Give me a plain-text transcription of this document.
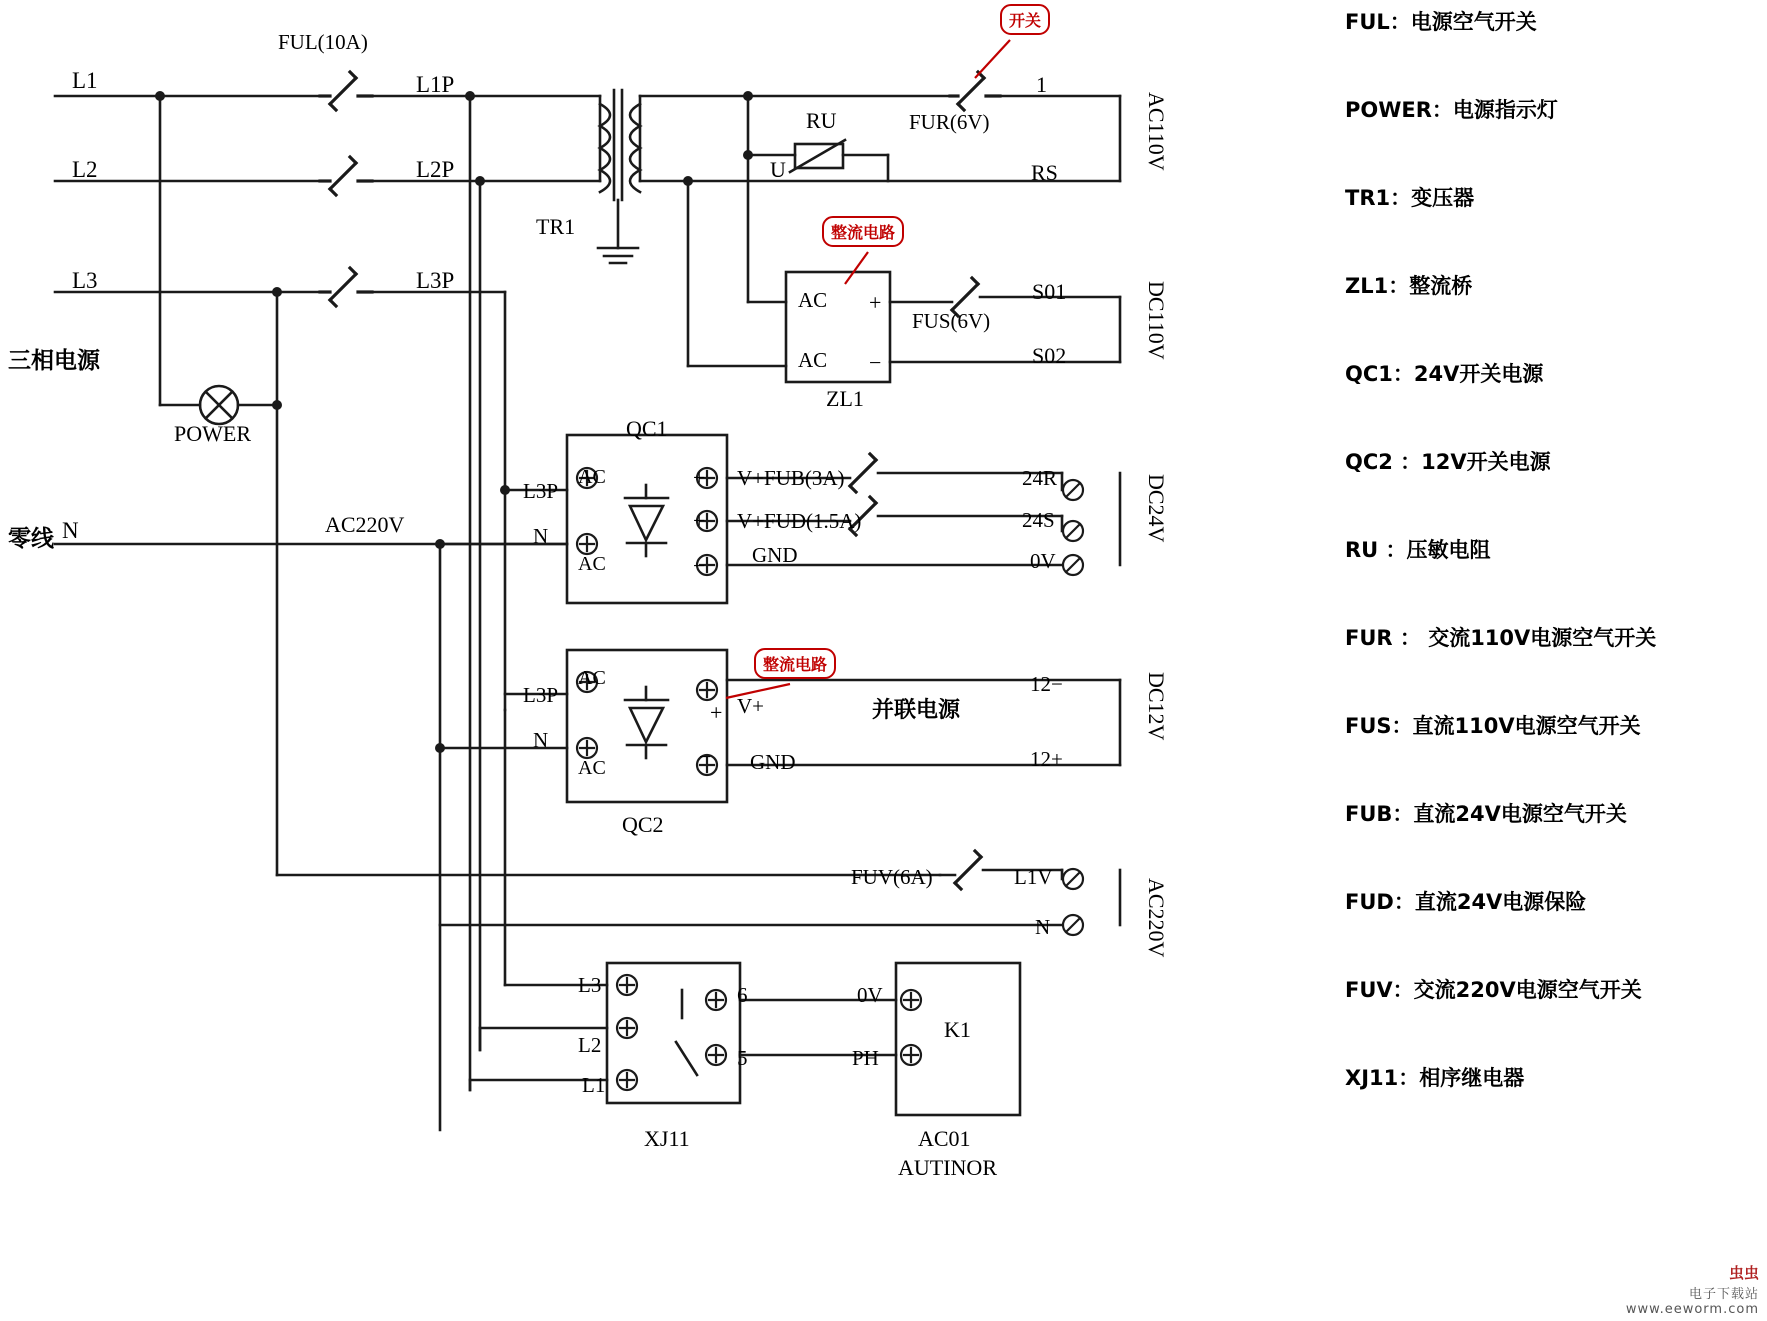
三相电源
零线 N
FUL(10A)
L1
L2
L3
L1P
L2P
L3P
TR1
RU
U
FUR(6V)
1
RS
AC110V
AC
AC
+
−
FUS(6V)
S01
S02
ZL1
DC110V
POWER	QC1
AC
AC
L3P
N
+
+
−
V+FUB(3A)
V+FUD(1.5A)
GND
24R
24S
0V
DC24V
AC220V
AC
AC
L3P
N
V+
+
− GND
并联电源
12−
12+
DC12V
QC2
FUV(6A)	L1V
N	AC220V
L3
L2
L1
6
5
0V
PH
K1
XJ11	AC01
AUTINOR
开关
整流电路
整流电路
FUL：电源空气开关
POWER：电源指示灯
TR1：变压器
ZL1：整流桥
QC1：24V开关电源
QC2 ：12V开关电源
RU ：压敏电阻
FUR ： 交流110V电源空气开关
FUS：直流110V电源空气开关
FUB：直流24V电源空气开关
FUD：直流24V电源保险
FUV：交流220V电源空气开关
XJ11：相序继电器
虫虫
电子下载站
www.eeworm.com
